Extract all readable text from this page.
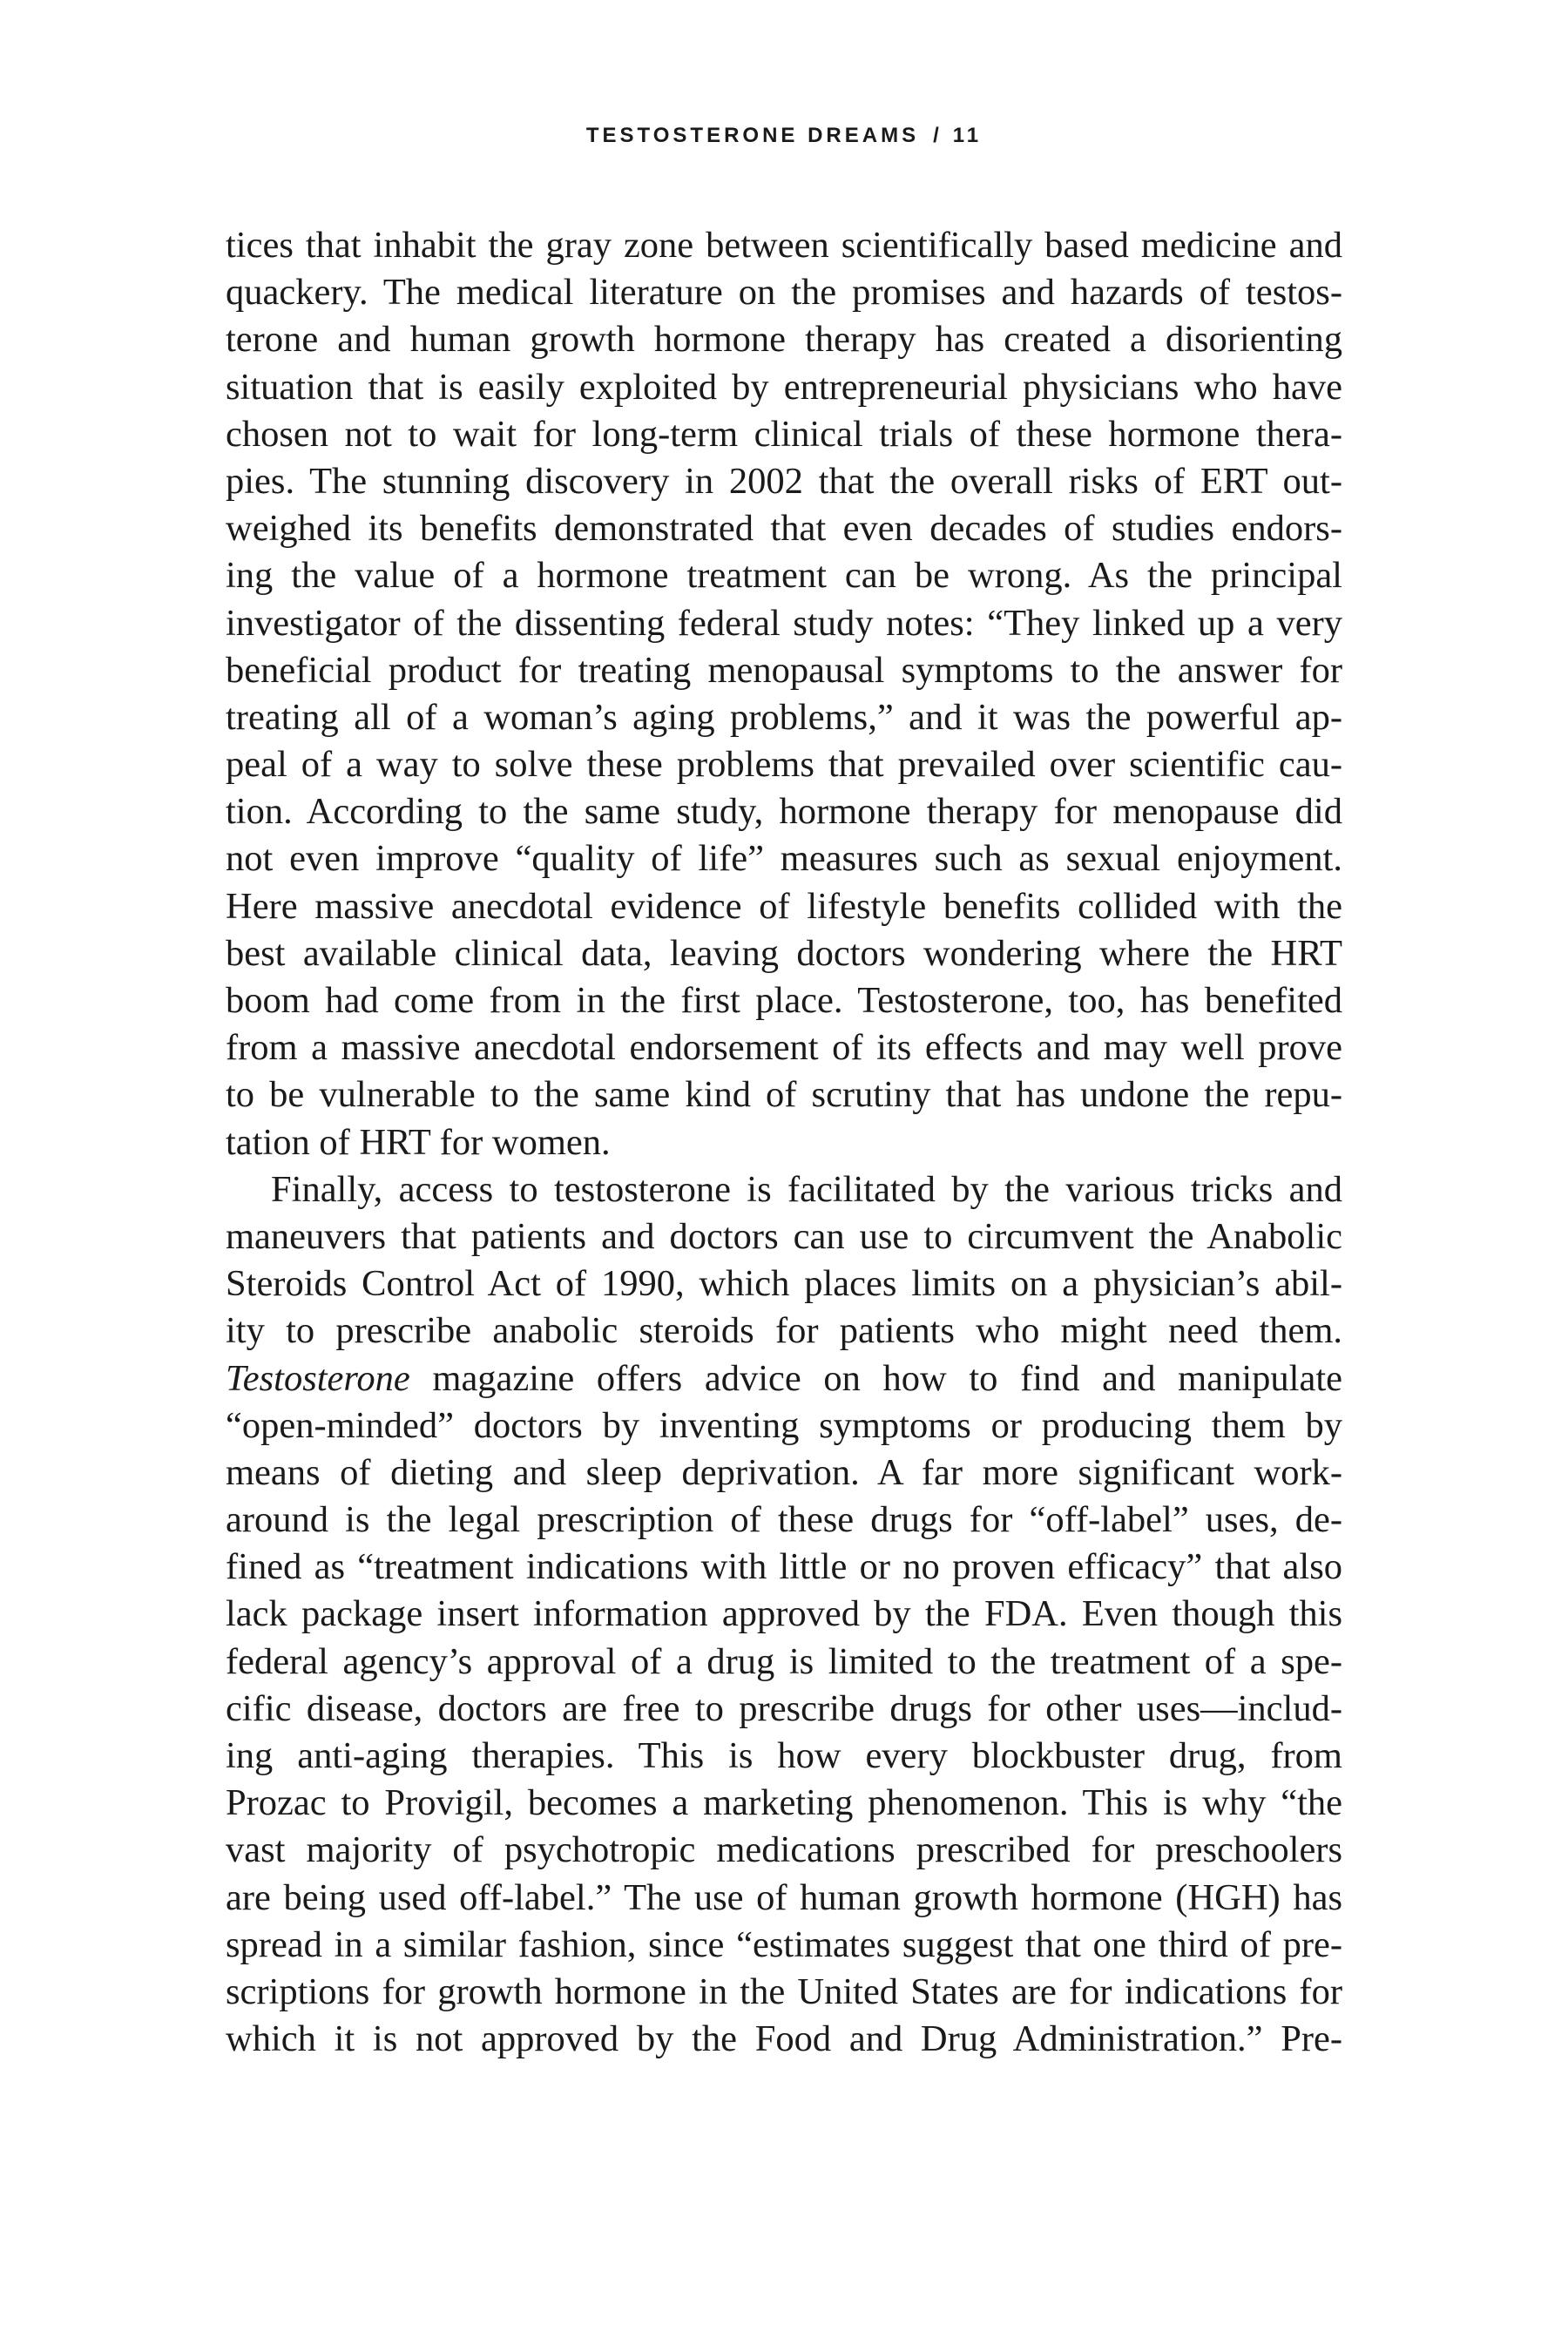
TESTOSTERONE DREAMS / 11
tices that inhabit the gray zone between scientifically based medicine and
quackery. The medical literature on the promises and hazards of testos-
terone and human growth hormone therapy has created a disorienting
situation that is easily exploited by entrepreneurial physicians who have
chosen not to wait for long-term clinical trials of these hormone thera-
pies. The stunning discovery in 2002 that the overall risks of ERT out-
weighed its benefits demonstrated that even decades of studies endors-
ing the value of a hormone treatment can be wrong. As the principal
investigator of the dissenting federal study notes: “They linked up a very
beneficial product for treating menopausal symptoms to the answer for
treating all of a woman’s aging problems,” and it was the powerful ap-
peal of a way to solve these problems that prevailed over scientific cau-
tion. According to the same study, hormone therapy for menopause did
not even improve “quality of life” measures such as sexual enjoyment.
Here massive anecdotal evidence of lifestyle benefits collided with the
best available clinical data, leaving doctors wondering where the HRT
boom had come from in the first place. Testosterone, too, has benefited
from a massive anecdotal endorsement of its effects and may well prove
to be vulnerable to the same kind of scrutiny that has undone the repu-
tation of HRT for women.
Finally, access to testosterone is facilitated by the various tricks and
maneuvers that patients and doctors can use to circumvent the Anabolic
Steroids Control Act of 1990, which places limits on a physician’s abil-
ity to prescribe anabolic steroids for patients who might need them.
Testosterone magazine offers advice on how to find and manipulate
“open-minded” doctors by inventing symptoms or producing them by
means of dieting and sleep deprivation. A far more significant work-
around is the legal prescription of these drugs for “off-label” uses, de-
fined as “treatment indications with little or no proven efficacy” that also
lack package insert information approved by the FDA. Even though this
federal agency’s approval of a drug is limited to the treatment of a spe-
cific disease, doctors are free to prescribe drugs for other uses—includ-
ing anti-aging therapies. This is how every blockbuster drug, from
Prozac to Provigil, becomes a marketing phenomenon. This is why “the
vast majority of psychotropic medications prescribed for preschoolers
are being used off-label.” The use of human growth hormone (HGH) has
spread in a similar fashion, since “estimates suggest that one third of pre-
scriptions for growth hormone in the United States are for indications for
which it is not approved by the Food and Drug Administration.” Pre-
